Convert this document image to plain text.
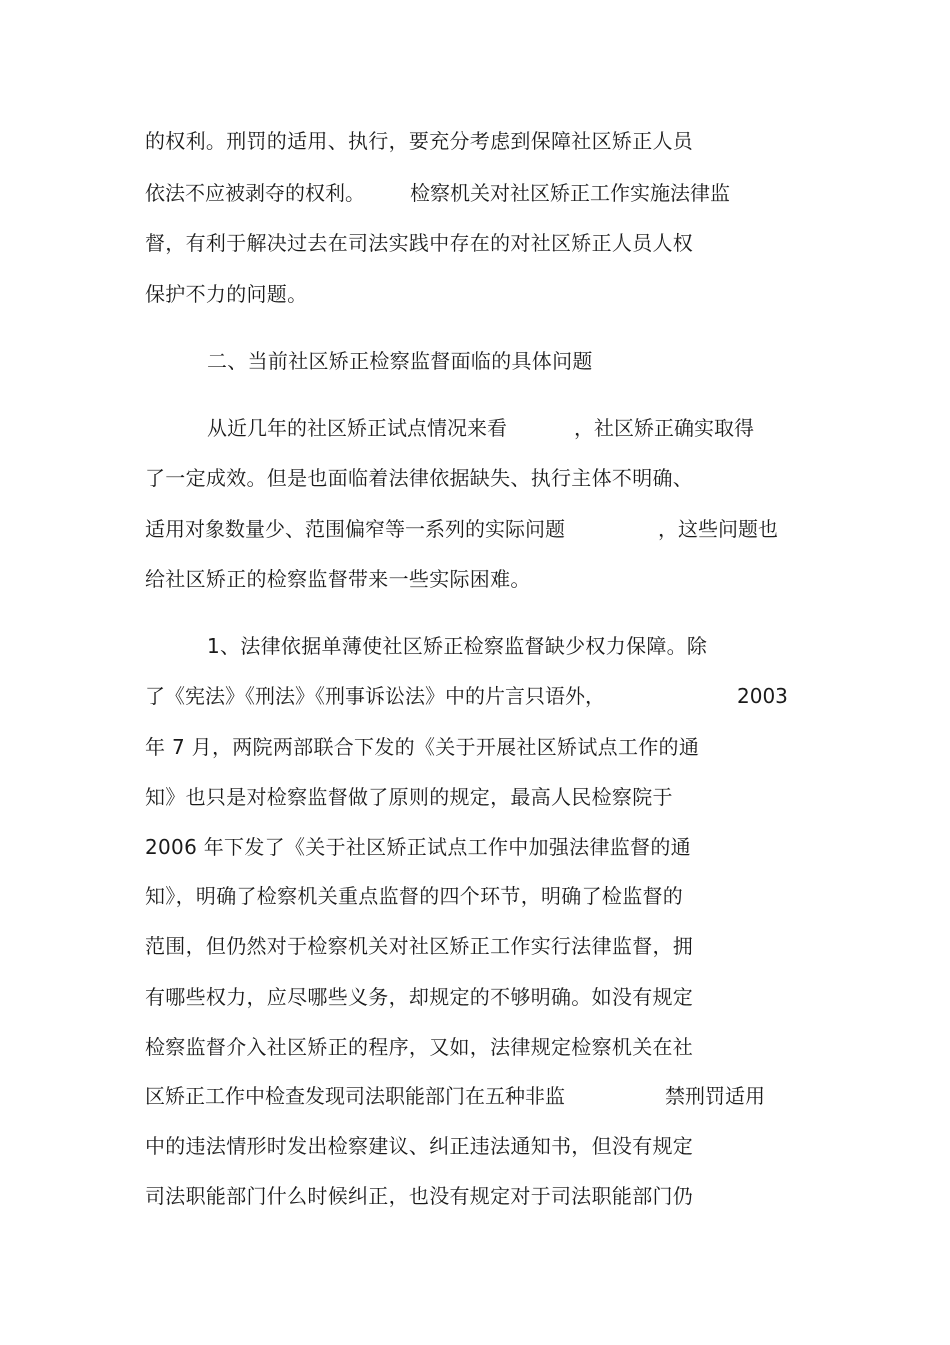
的权利。刑罚的适用、执行，要充分考虑到保障社区矫正人员
依法不应被剥夺的权利。 检察机关对社区矫正工作实施法律监
督，有利于解决过去在司法实践中存在的对社区矫正人员人权
保护不力的问题。
二、当前社区矫正检察监督面临的具体问题
从近几年的社区矫正试点情况来看	，社区矫正确实取得
了一定成效。但是也面临着法律依据缺失、执行主体不明确、
适用对象数量少、范围偏窄等一系列的实际问题	，这些问题也
给社区矫正的检察监督带来一些实际困难。
1、法律依据单薄使社区矫正检察监督缺少权力保障。除
了《宪法》《刑法》《刑事诉讼法》中的片言只语外，	2003
年 7 月，两院两部联合下发的《关于开展社区矫试点工作的通
知》也只是对检察监督做了原则的规定，最高人民检察院于
2006 年下发了《关于社区矫正试点工作中加强法律监督的通
知》，明确了检察机关重点监督的四个环节，明确了检监督的
范围，但仍然对于检察机关对社区矫正工作实行法律监督，拥
有哪些权力，应尽哪些义务，却规定的不够明确。如没有规定
检察监督介入社区矫正的程序，又如，法律规定检察机关在社
区矫正工作中检查发现司法职能部门在五种非监	禁刑罚适用
中的违法情形时发出检察建议、纠正违法通知书，但没有规定
司法职能部门什么时候纠正，也没有规定对于司法职能部门仍
